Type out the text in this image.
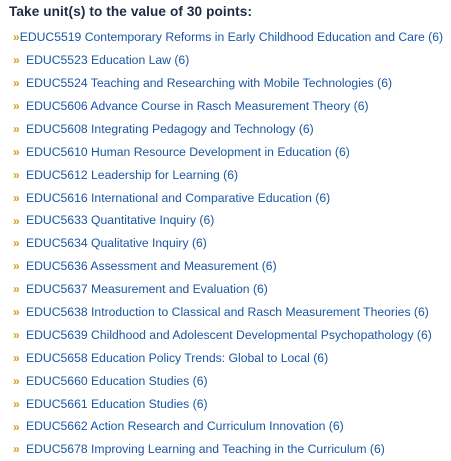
Take unit(s) to the value of 30 points:
» EDUC5519 Contemporary Reforms in Early Childhood Education and Care (6)
» EDUC5523 Education Law (6)
» EDUC5524 Teaching and Researching with Mobile Technologies (6)
» EDUC5606 Advance Course in Rasch Measurement Theory (6)
» EDUC5608 Integrating Pedagogy and Technology (6)
» EDUC5610 Human Resource Development in Education (6)
» EDUC5612 Leadership for Learning (6)
» EDUC5616 International and Comparative Education (6)
» EDUC5633 Quantitative Inquiry (6)
» EDUC5634 Qualitative Inquiry (6)
» EDUC5636 Assessment and Measurement (6)
» EDUC5637 Measurement and Evaluation (6)
» EDUC5638 Introduction to Classical and Rasch Measurement Theories (6)
» EDUC5639 Childhood and Adolescent Developmental Psychopathology (6)
» EDUC5658 Education Policy Trends: Global to Local (6)
» EDUC5660 Education Studies (6)
» EDUC5661 Education Studies (6)
» EDUC5662 Action Research and Curriculum Innovation (6)
» EDUC5678 Improving Learning and Teaching in the Curriculum (6)
